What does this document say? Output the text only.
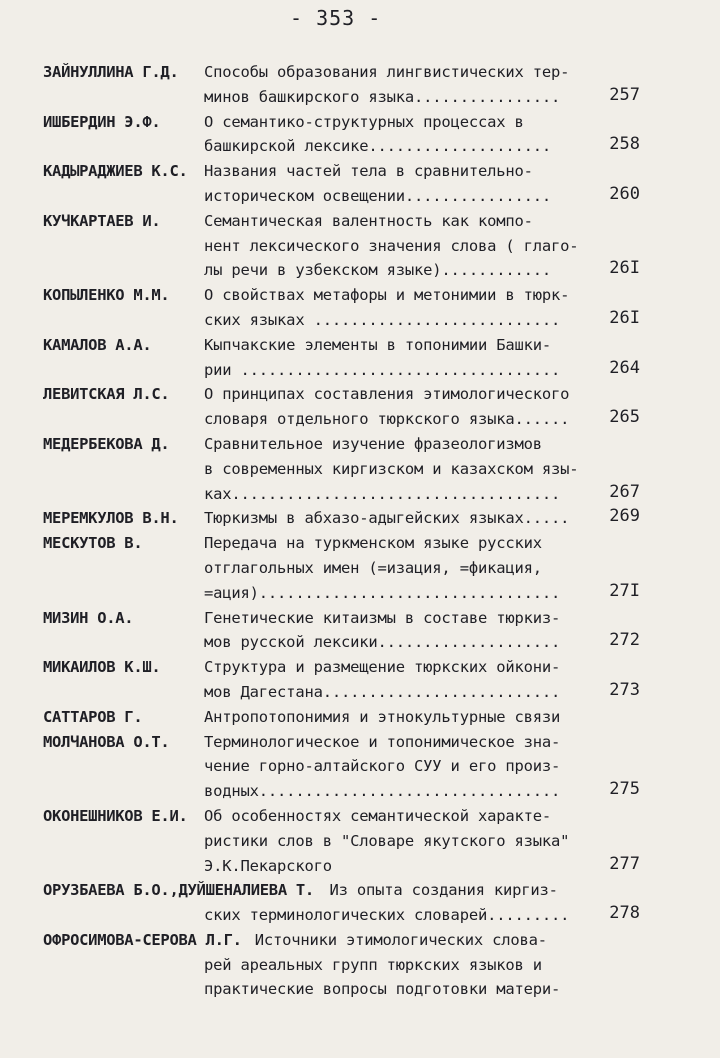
- 353 -
ЗАЙНУЛЛИНА Г.Д. Способы образования лингвистических тер-
минов башкирского языка................	257
ИШБЕРДИН Э.Ф.	О семантико-структурных процессах в
башкирской лексике....................	258
КАДЫРАДЖИЕВ К.С. Названия частей тела в сравнительно-
историческом освещении................	260
КУЧКАРТАЕВ И.	Семантическая валентность как компо-
нент лексического значения слова ( глаго-
лы речи в узбекском языке)............	26I
КОПЫЛЕНКО М.М. О свойствах метафоры и метонимии в тюрк-
ских языках ...........................	26I
КАМАЛОВ А.А.	Кыпчакские элементы в топонимии Башки-
рии ...................................	264
ЛЕВИТСКАЯ Л.С. О принципах составления этимологического
словаря отдельного тюркского языка...... 265
МЕДЕРБЕКОВА Д. Сравнительное изучение фразеологизмов
в современных киргизском и казахском язы-
ках....................................	267
МЕРЕМКУЛОВ В.Н. Тюркизмы в абхазо-адыгейских языках..... 269
МЕСКУТОВ В.	Передача на туркменском языке русских
отглагольных имен (=изация, =фикация,
=ация).................................	27I
МИЗИН О.А.	Генетические китаизмы в составе тюркиз-
мов русской лексики....................	272
МИКАИЛОВ К.Ш.	Структура и размещение тюркских ойкони-
мов Дагестана..........................	273
САТТАРОВ Г.	Антропотопонимия и этнокультурные связи
МОЛЧАНОВА О.Т. Терминологическое и топонимическое зна-
чение горно-алтайского СУУ и его произ-
водных.................................	275
ОКОНЕШНИКОВ Е.И. Об особенностях семантической характе-
ристики слов в "Словаре якутского языка"
Э.К.Пекарского	277
ОРУЗБАЕВА Б.О.,ДУЙШЕНАЛИЕВА Т. Из опыта создания киргиз-
ских терминологических словарей......... 278
ОФРОСИМОВА-СЕРОВА Л.Г. Источники этимологических слова-
рей ареальных групп тюркских языков и
практические вопросы подготовки матери-
